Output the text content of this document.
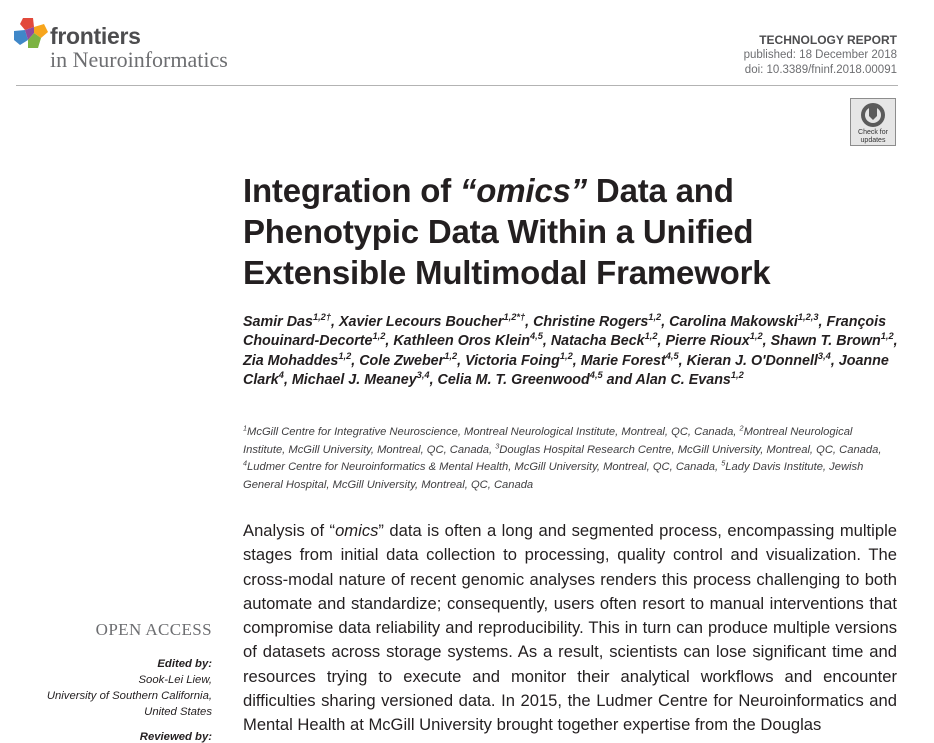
frontiers
in Neuroinformatics
TECHNOLOGY REPORT
published: 18 December 2018
doi: 10.3389/fninf.2018.00091
Check for updates
Integration of “omics” Data and Phenotypic Data Within a Unified Extensible Multimodal Framework
Samir Das$^{1,2\dagger}$, Xavier Lecours Boucher$^{1,2*\dagger}$, Christine Rogers$^{1,2}$, Carolina Makowski$^{1,2,3}$, François Chouinard-Decorte$^{1,2}$, Kathleen Oros Klein$^{4,5}$, Natacha Beck$^{1,2}$, Pierre Rioux$^{1,2}$, Shawn T. Brown$^{1,2}$, Zia Mohaddes$^{1,2}$, Cole Zweber$^{1,2}$, Victoria Foing$^{1,2}$, Marie Forest$^{4,5}$, Kieran J. O'Donnell$^{3,4}$, Joanne Clark$^4$, Michael J. Meaney$^{3,4}$, Celia M. T. Greenwood$^{4,5}$ and Alan C. Evans$^{1,2}$
$^1$McGill Centre for Integrative Neuroscience, Montreal Neurological Institute, Montreal, QC, Canada, $^2$Montreal Neurological Institute, McGill University, Montreal, QC, Canada, $^3$Douglas Hospital Research Centre, McGill University, Montreal, QC, Canada, $^4$Ludmer Centre for Neuroinformatics & Mental Health, McGill University, Montreal, QC, Canada, $^5$Lady Davis Institute, Jewish General Hospital, McGill University, Montreal, QC, Canada

Analysis of “omics” data is often a long and segmented process, encompassing multiple stages from initial data collection to processing, quality control and visualization. The cross-modal nature of recent genomic analyses renders this process challenging to both automate and standardize; consequently, users often resort to manual interventions that compromise data reliability and reproducibility. This in turn can produce multiple versions of datasets across storage systems. As a result, scientists can lose significant time and resources trying to execute and monitor their analytical workflows and encounter difficulties sharing versioned data. In 2015, the Ludmer Centre for Neuroinformatics and Mental Health at McGill University brought together expertise from the Douglas

OPEN ACCESS
Edited by:
Sook-Lei Liew,
University of Southern California,
United States
Reviewed by:
